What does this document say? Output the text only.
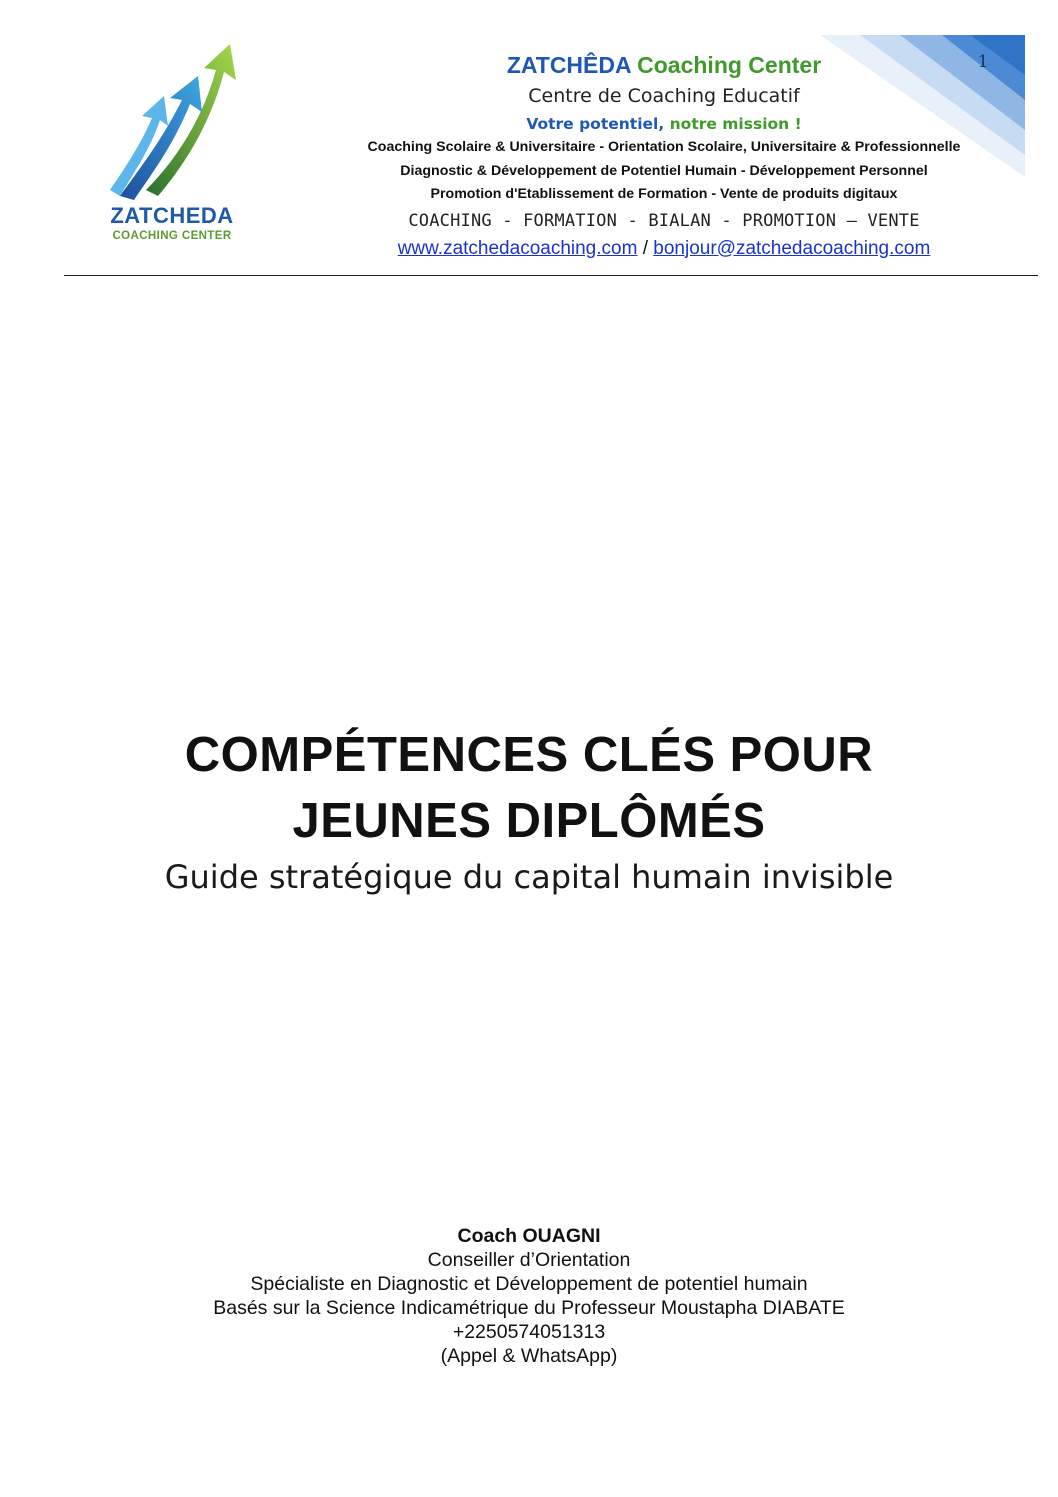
1
ZATCHEDA
COACHING CENTER
ZATCHÊDA Coaching Center
Centre de Coaching Educatif
Votre potentiel, notre mission !
Coaching Scolaire & Universitaire - Orientation Scolaire, Universitaire & Professionnelle
Diagnostic & Développement de Potentiel Humain - Développement Personnel
Promotion d'Etablissement de Formation - Vente de produits digitaux
COACHING - FORMATION - BIALAN - PROMOTION – VENTE
www.zatchedacoaching.com / bonjour@zatchedacoaching.com
COMPÉTENCES CLÉS POUR
JEUNES DIPLÔMÉS
Guide stratégique du capital humain invisible
Coach OUAGNI
Conseiller d’Orientation
Spécialiste en Diagnostic et Développement de potentiel humain
Basés sur la Science Indicamétrique du Professeur Moustapha DIABATE
+2250574051313
(Appel & WhatsApp)
